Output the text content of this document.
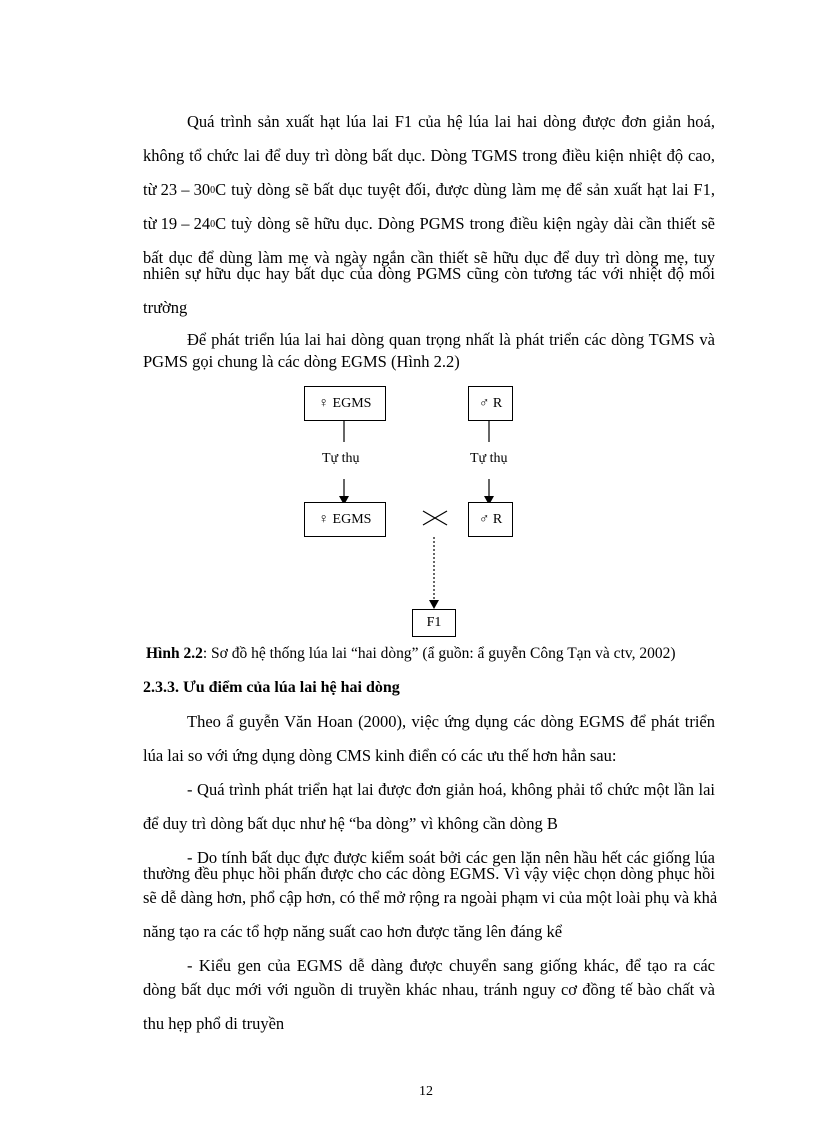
Quá trình sản xuất hạt lúa lai F1 của hệ lúa lai hai dòng được đơn giản hoá,
không tổ chức lai để duy trì dòng bất dục. Dòng TGMS trong điều kiện nhiệt độ cao,
từ $23 - 30^0C$ tuỳ dòng sẽ bất dục tuyệt đối, được dùng làm mẹ để sản xuất hạt lai F1,
từ $19 - 24^0C$ tuỳ dòng sẽ hữu dục. Dòng PGMS trong điều kiện ngày dài cần thiết sẽ
bất dục để dùng làm mẹ và ngày ngắn cần thiết sẽ hữu dục để duy trì dòng mẹ, tuy
nhiên sự hữu dục hay bất dục của dòng PGMS cũng còn tương tác với nhiệt độ môi
trường
Để phát triển lúa lai hai dòng quan trọng nhất là phát triển các dòng TGMS và
PGMS gọi chung là các dòng EGMS (Hình 2.2)
♀ EGMS	♂ R
Tự thụ	Tự thụ
♀ EGMS	♂ R
F1
Hình 2.2: Sơ đồ hệ thống lúa lai “hai dòng” (ẩ guồn: ẩ guyễn Công Tạn và ctv, 2002)
2.3.3. Ưu điểm của lúa lai hệ hai dòng
Theo ẩ guyễn Văn Hoan (2000), việc ứng dụng các dòng EGMS để phát triển
lúa lai so với ứng dụng dòng CMS kinh điển có các ưu thế hơn hẳn sau:
- Quá trình phát triển hạt lai được đơn giản hoá, không phải tổ chức một lần lai
để duy trì dòng bất dục như hệ “ba dòng” vì không cần dòng B
- Do tính bất dục đực được kiểm soát bởi các gen lặn nên hầu hết các giống lúa
thường đều phục hồi phấn được cho các dòng EGMS. Vì vậy việc chọn dòng phục hồi
sẽ dễ dàng hơn, phổ cập hơn, có thể mở rộng ra ngoài phạm vi của một loài phụ và khả
năng tạo ra các tổ hợp năng suất cao hơn được tăng lên đáng kể
- Kiểu gen của EGMS dễ dàng được chuyển sang giống khác, để tạo ra các
dòng bất dục mới với nguồn di truyền khác nhau, tránh nguy cơ đồng tế bào chất và
thu hẹp phổ di truyền
12
